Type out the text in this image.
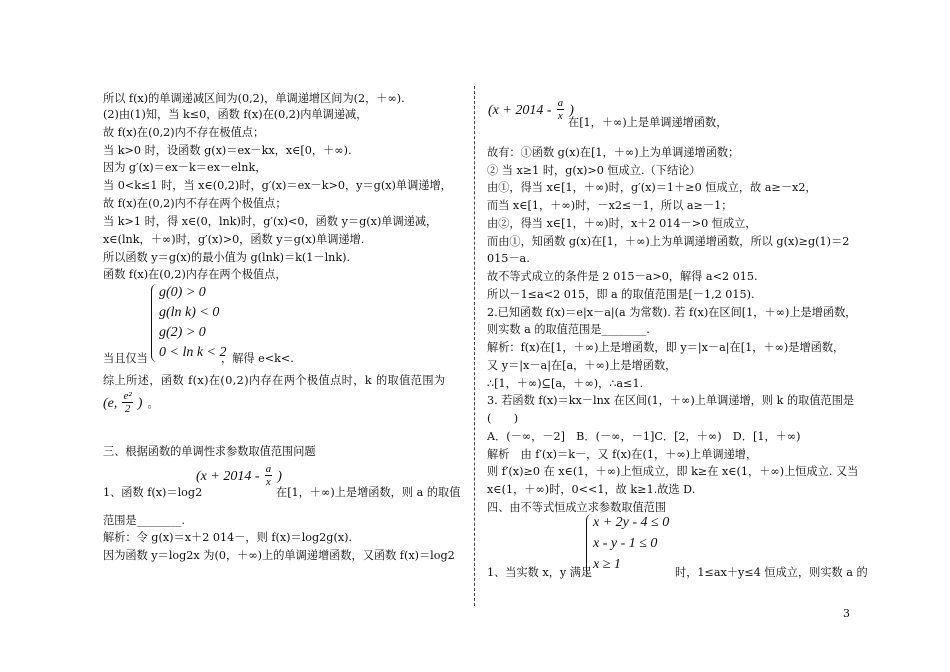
所以 f(x)的单调递减区间为(0,2)，单调递增区间为(2，＋∞).
(2)由(1)知，当 k≤0，函数 f(x)在(0,2)内单调递减，
故 f(x)在(0,2)内不存在极值点；
当 k>0 时，设函数 g(x)＝ex－kx，x∈[0，＋∞).
因为 g′(x)＝ex－k＝ex－elnk，
当 0<k≤1 时，当 x∈(0,2)时，g′(x)＝ex－k>0，y＝g(x)单调递增，
故 f(x)在(0,2)内不存在两个极值点；
当 k>1 时，得 x∈(0，lnk)时，g′(x)<0，函数 y＝g(x)单调递减，
x∈(lnk，＋∞)时，g′(x)>0，函数 y＝g(x)单调递增.
所以函数 y＝g(x)的最小值为 g(lnk)＝k(1－lnk).
函数 f(x)在(0,2)内存在两个极值点，
g(0) > 0
g(ln k) < 0
g(2) > 0
0 < ln k < 2
当且仅当	，解得 e<k<.
综上所述，函数 f(x)在(0,2)内存在两个极值点时，k 的取值范围为
(e, $\frac{\text{e²}}{2}$ ) 。
三、根据函数的单调性求参数取值范围问题
($x + 2014 - \frac{a}{x}$ )
1、函数 f(x)＝log2	在[1，＋∞)上是增函数，则 a 的取值
范围是________.
解析：令 g(x)＝x＋2 014－，则 f(x)＝log2g(x).
因为函数 y＝log2x 为(0，＋∞)上的单调递增函数，又函数 f(x)＝log2
($x + 2014 - \frac{a}{x}$ )
在[1，＋∞)上是单调递增函数，
故有：①函数 g(x)在[1，＋∞)上为单调递增函数；
② 当 x≥1 时，g(x)>0 恒成立.（下结论）
由①，得当 x∈[1，＋∞)时，g′(x)＝1＋≥0 恒成立，故 a≥－x2，
而当 x∈[1，＋∞)时，－x2≤－1，所以 a≥－1；
由②，得当 x∈[1，＋∞)时，x＋2 014－>0 恒成立，
而由①，知函数 g(x)在[1，＋∞)上为单调递增函数，所以 g(x)≥g(1)＝2
015－a.
故不等式成立的条件是 2 015－a>0，解得 a<2 015.
所以－1≤a<2 015，即 a 的取值范围是[－1,2 015).
2.已知函数 f(x)＝e|x－a|(a 为常数). 若 f(x)在区间[1，＋∞)上是增函数，
则实数 a 的取值范围是________.
解析：f(x)在[1，＋∞)上是增函数，即 y＝|x－a|在[1，＋∞)是增函数，
又 y＝|x－a|在[a，＋∞)上是增函数，
∴[1，＋∞)⊆[a，＋∞)，∴a≤1.
3. 若函数 f(x)＝kx－lnx 在区间(1，＋∞)上单调递增，则 k 的取值范围是
(　　)
A．(－∞，－2]　B．(－∞，－1]C．[2，＋∞)　D．[1，＋∞)
解析　由 f′(x)＝k－，又 f(x)在(1，＋∞)上单调递增，
则 f′(x)≥0 在 x∈(1，＋∞)上恒成立，即 k≥在 x∈(1，＋∞)上恒成立. 又当
x∈(1，＋∞)时，0<<1，故 k≥1.故选 D.
四、由不等式恒成立求参数取值范围
x + 2y - 4 ≤ 0
x - y - 1 ≤ 0
x ≥ 1
1、当实数 x，y 满足	时，1≤ax＋y≤4 恒成立，则实数 a 的
3
